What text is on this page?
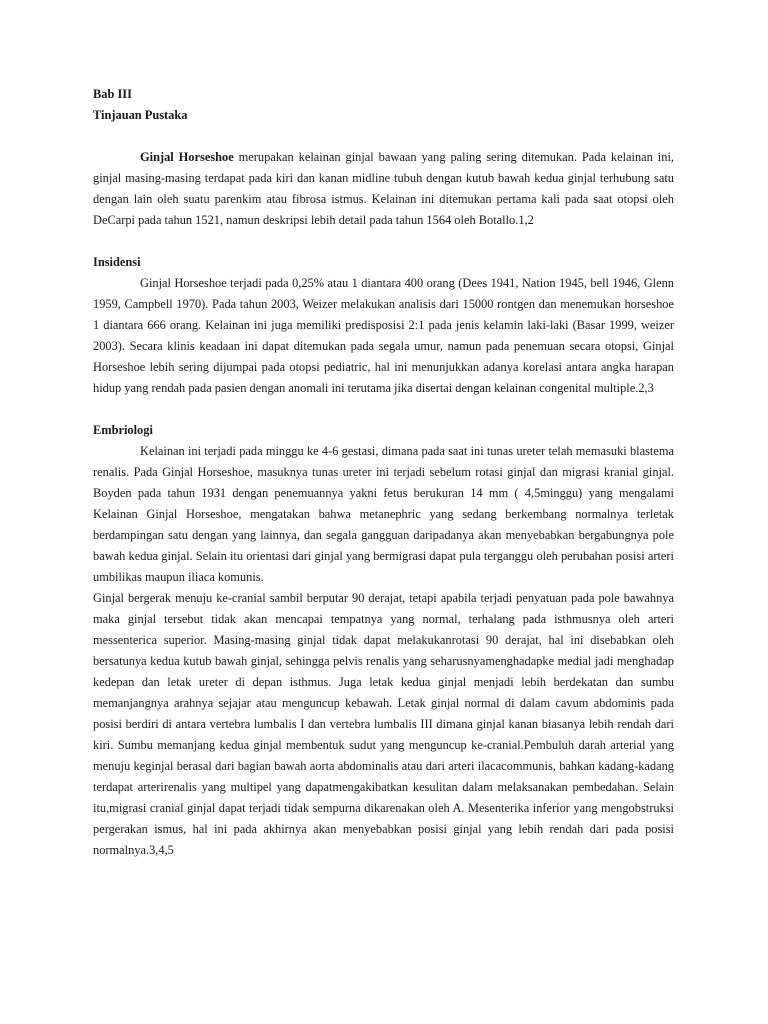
Bab III

Tinjauan Pustaka

Ginjal Horseshoe merupakan kelainan ginjal bawaan yang paling sering ditemukan. Pada kelainan ini, ginjal masing-masing terdapat pada kiri dan kanan midline tubuh dengan kutub bawah kedua ginjal terhubung satu dengan lain oleh suatu parenkim atau fibrosa istmus. Kelainan ini ditemukan pertama kali pada saat otopsi oleh DeCarpi pada tahun 1521, namun deskripsi lebih detail pada tahun 1564 oleh Botallo.1,2

Insidensi

Ginjal Horseshoe terjadi pada 0,25% atau 1 diantara 400 orang (Dees 1941, Nation 1945, bell 1946, Glenn 1959, Campbell 1970). Pada tahun 2003, Weizer melakukan analisis dari 15000 rontgen dan menemukan horseshoe 1 diantara 666 orang. Kelainan ini juga memiliki predisposisi 2:1 pada jenis kelamin laki-laki (Basar 1999, weizer 2003). Secara klinis keadaan ini dapat ditemukan pada segala umur, namun pada penemuan secara otopsi, Ginjal Horseshoe lebih sering dijumpai pada otopsi pediatric, hal ini menunjukkan adanya korelasi antara angka harapan hidup yang rendah pada pasien dengan anomali ini terutama jika disertai dengan kelainan congenital multiple.2,3

Embriologi

Kelainan ini terjadi pada minggu ke 4-6 gestasi, dimana pada saat ini tunas ureter telah memasuki blastema renalis. Pada Ginjal Horseshoe, masuknya tunas ureter ini terjadi sebelum rotasi ginjal dan migrasi kranial ginjal. Boyden pada tahun 1931 dengan penemuannya yakni fetus berukuran 14 mm ( 4,5minggu) yang mengalami Kelainan Ginjal Horseshoe, mengatakan bahwa metanephric yang sedang berkembang normalnya terletak berdampingan satu dengan yang lainnya, dan segala gangguan daripadanya akan menyebabkan bergabungnya pole bawah kedua ginjal. Selain itu orientasi dari ginjal yang bermigrasi dapat pula terganggu oleh perubahan posisi arteri umbilikas maupun iliaca komunis.

Ginjal bergerak menuju ke-cranial sambil berputar 90 derajat, tetapi apabila terjadi penyatuan pada pole bawahnya maka ginjal tersebut tidak akan mencapai tempatnya yang normal, terhalang pada isthmusnya oleh arteri messenterica superior. Masing-masing ginjal tidak dapat melakukanrotasi 90 derajat, hal ini disebabkan oleh bersatunya kedua kutub bawah ginjal, sehingga pelvis renalis yang seharusnyamenghadapke medial jadi menghadap kedepan dan letak ureter di depan isthmus. Juga letak kedua ginjal menjadi lebih berdekatan dan sumbu memanjangnya arahnya sejajar atau menguncup kebawah. Letak ginjal normal di dalam cavum abdominis pada posisi berdiri di antara vertebra lumbalis I dan vertebra lumbalis III dimana ginjal kanan biasanya lebih rendah dari kiri. Sumbu memanjang kedua ginjal membentuk sudut yang menguncup ke-cranial.Pembuluh darah arterial yang menuju keginjal berasal dari bagian bawah aorta abdominalis atau dari arteri ilacacommunis, bahkan kadang-kadang terdapat arterirenalis yang multipel yang dapatmengakibatkan kesulitan dalam melaksanakan pembedahan. Selain itu,migrasi cranial ginjal dapat terjadi tidak sempurna dikarenakan oleh A. Mesenterika inferior yang mengobstruksi pergerakan ismus, hal ini pada akhirnya akan menyebabkan posisi ginjal yang lebih rendah dari pada posisi normalnya.3,4,5
